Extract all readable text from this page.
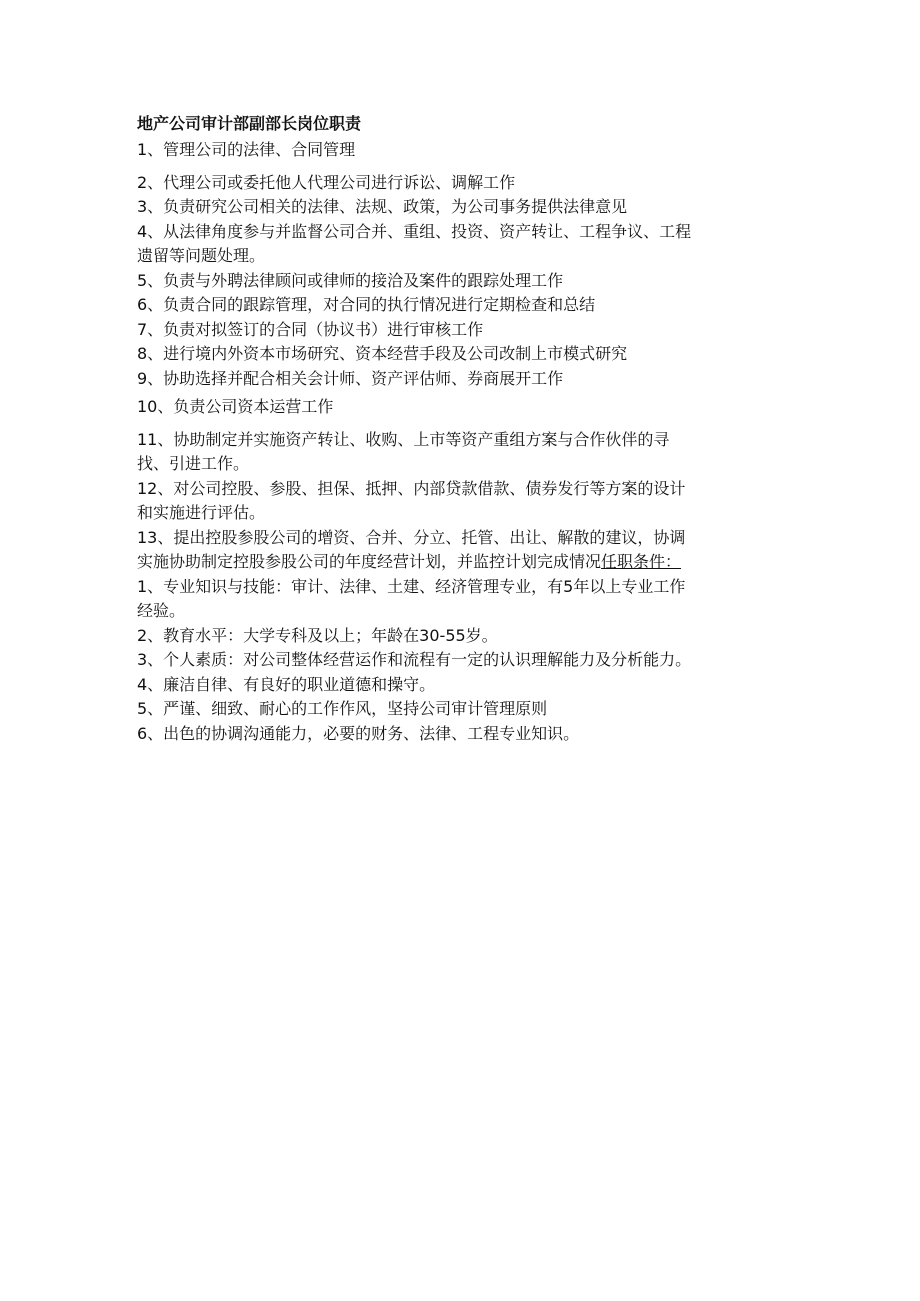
地产公司审计部副部长岗位职责
1、管理公司的法律、合同管理
2、代理公司或委托他人代理公司进行诉讼、调解工作
3、负责研究公司相关的法律、法规、政策，为公司事务提供法律意见
4、从法律角度参与并监督公司合并、重组、投资、资产转让、工程争议、工程
遗留等问题处理。
5、负责与外聘法律顾问或律师的接洽及案件的跟踪处理工作
6、负责合同的跟踪管理，对合同的执行情况进行定期检查和总结
7、负责对拟签订的合同（协议书）进行审核工作
8、进行境内外资本市场研究、资本经营手段及公司改制上市模式研究
9、协助选择并配合相关会计师、资产评估师、券商展开工作
10、负责公司资本运营工作
11、协助制定并实施资产转让、收购、上市等资产重组方案与合作伙伴的寻
找、引进工作。
12、对公司控股、参股、担保、抵押、内部贷款借款、债券发行等方案的设计
和实施进行评估。
13、提出控股参股公司的增资、合并、分立、托管、出让、解散的建议，协调
实施协助制定控股参股公司的年度经营计划，并监控计划完成情况任职条件：
1、专业知识与技能：审计、法律、土建、经济管理专业，有5年以上专业工作
经验。
2、教育水平：大学专科及以上；年龄在30-55岁。
3、个人素质：对公司整体经营运作和流程有一定的认识理解能力及分析能力。
4、廉洁自律、有良好的职业道德和操守。
5、严谨、细致、耐心的工作作风，坚持公司审计管理原则
6、出色的协调沟通能力，必要的财务、法律、工程专业知识。
